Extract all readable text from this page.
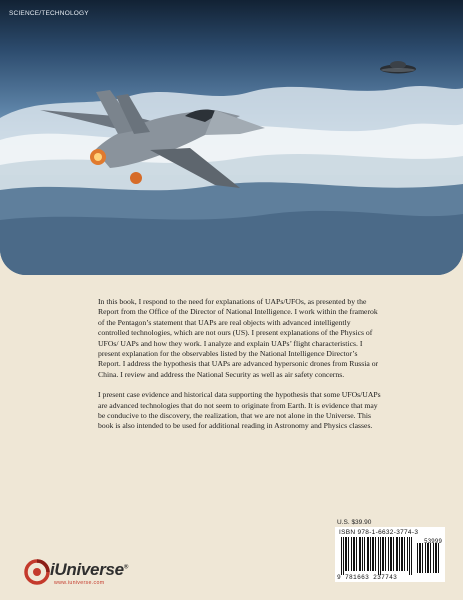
SCIENCE/TECHNOLOGY

In this book, I respond to the need for explanations of UAPs/UFOs, as presented by the Report from the Office of the Director of National Intelligence. I work within the framerok of the Pentagon’s statement that UAPs are real objects with advanced intelligently controlled technologies, which are not ours (US). I present explanations of the Physics of UFOs/ UAPs and how they work. I analyze and explain UAPs’ flight characteristics. I present explanation for the observables listed by the National Intelligence Director’s Report. I address the hypothesis that UAPs are advanced hypersonic drones from Russia or China. I review and address the National Security as well as air safety concerns.

I present case evidence and historical data supporting the hypothesis that some UFOs/UAPs are advanced technologies that do not seem to originate from Earth. It is evidence that may be conducive to the discovery, the realization, that we are not alone in the Universe. This book is also intended to be used for additional reading in Astronomy and Physics classes.

U.S. $39.90
ISBN 978-1-6632-3774-3
53999
9 781663 237743
iUniverse®
www.iuniverse.com
